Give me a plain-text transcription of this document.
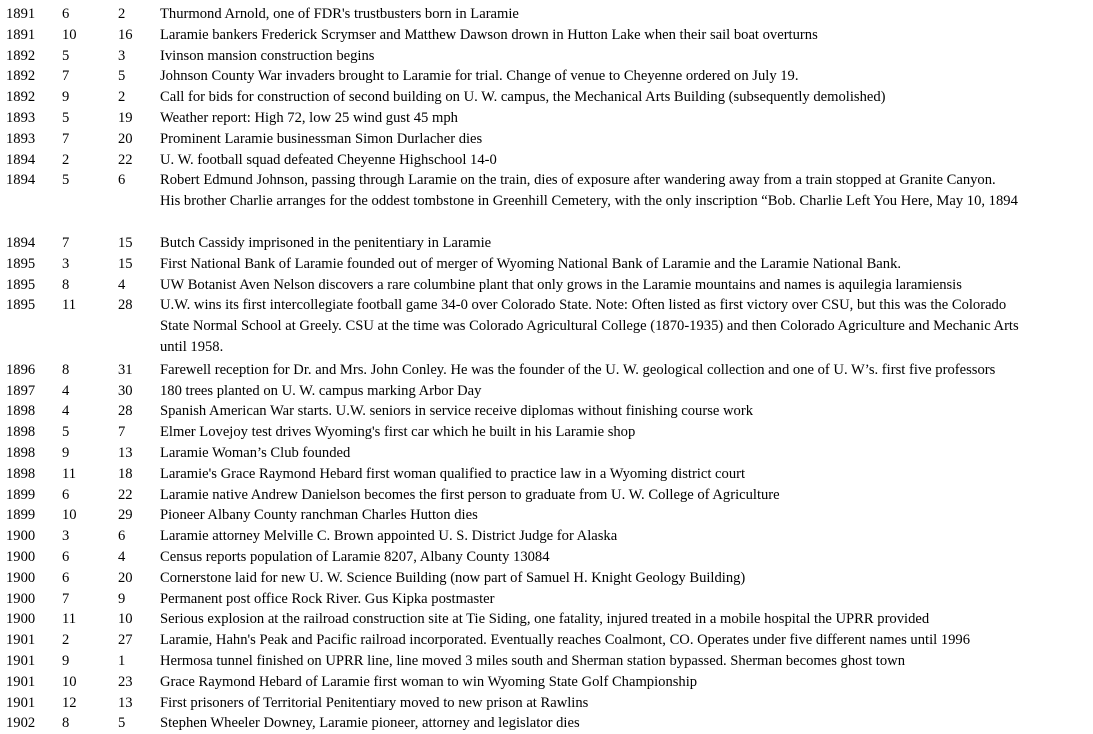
1891	6	2	Thurmond Arnold, one of FDR's trustbusters born in Laramie
1891	10	16	Laramie bankers Frederick Scrymser and Matthew Dawson drown in Hutton Lake when their sail boat overturns
1892	5	3	Ivinson mansion construction begins
1892	7	5	Johnson County War invaders brought to Laramie for trial. Change of venue to Cheyenne ordered on July 19.
1892	9	2	Call for bids for construction of second building on U. W. campus, the Mechanical Arts Building (subsequently demolished)
1893	5	19	Weather report: High 72, low 25 wind gust 45 mph
1893	7	20	Prominent Laramie businessman Simon Durlacher dies
1894	2	22	U. W. football squad defeated Cheyenne Highschool 14-0
1894	5	6	Robert Edmund Johnson, passing through Laramie on the train, dies of exposure after wandering away from a train stopped at Granite Canyon.
His brother Charlie arranges for the oddest tombstone in Greenhill Cemetery, with the only inscription “Bob. Charlie Left You Here, May 10, 1894
1894	7	15	Butch Cassidy imprisoned in the penitentiary in Laramie
1895	3	15	First National Bank of Laramie founded out of merger of Wyoming National Bank of Laramie and the Laramie National Bank.
1895	8	4	UW Botanist Aven Nelson discovers a rare columbine plant that only grows in the Laramie mountains and names is aquilegia laramiensis
1895	11	28	U.W. wins its first intercollegiate football game 34-0 over Colorado State. Note: Often listed as first victory over CSU, but this was the Colorado
State Normal School at Greely. CSU at the time was Colorado Agricultural College (1870-1935) and then Colorado Agriculture and Mechanic Arts
until 1958.
1896	8	31	Farewell reception for Dr. and Mrs. John Conley. He was the founder of the U. W. geological collection and one of U. W’s. first five professors
1897	4	30	180 trees planted on U. W. campus marking Arbor Day
1898	4	28	Spanish American War starts. U.W. seniors in service receive diplomas without finishing course work
1898	5	7	Elmer Lovejoy test drives Wyoming's first car which he built in his Laramie shop
1898	9	13	Laramie Woman’s Club founded
1898	11	18	Laramie's Grace Raymond Hebard first woman qualified to practice law in a Wyoming district court
1899	6	22	Laramie native Andrew Danielson becomes the first person to graduate from U. W. College of Agriculture
1899	10	29	Pioneer Albany County ranchman Charles Hutton dies
1900	3	6	Laramie attorney Melville C. Brown appointed U. S. District Judge for Alaska
1900	6	4	Census reports population of Laramie 8207, Albany County 13084
1900	6	20	Cornerstone laid for new U. W. Science Building (now part of Samuel H. Knight Geology Building)
1900	7	9	Permanent post office Rock River. Gus Kipka postmaster
1900	11	10	Serious explosion at the railroad construction site at Tie Siding, one fatality, injured treated in a mobile hospital the UPRR provided
1901	2	27	Laramie, Hahn's Peak and Pacific railroad incorporated. Eventually reaches Coalmont, CO. Operates under five different names until 1996
1901	9	1	Hermosa tunnel finished on UPRR line, line moved 3 miles south and Sherman station bypassed. Sherman becomes ghost town
1901	10	23	Grace Raymond Hebard of Laramie first woman to win Wyoming State Golf Championship
1901	12	13	First prisoners of Territorial Penitentiary moved to new prison at Rawlins
1902	8	5	Stephen Wheeler Downey, Laramie pioneer, attorney and legislator dies
